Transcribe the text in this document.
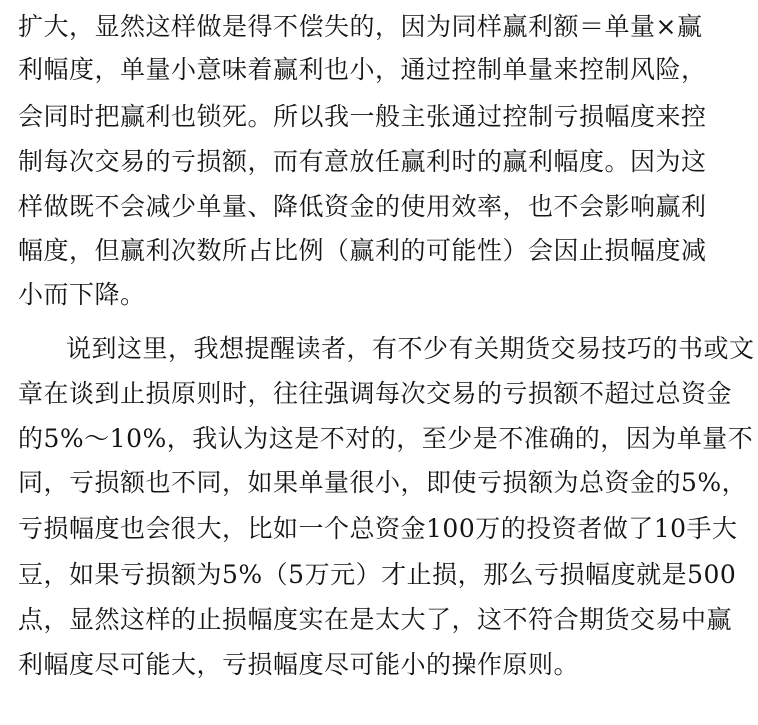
扩大，显然这样做是得不偿失的，因为同样赢利额＝单量×赢
利幅度，单量小意味着赢利也小，通过控制单量来控制风险，
会同时把赢利也锁死。所以我一般主张通过控制亏损幅度来控
制每次交易的亏损额，而有意放任赢利时的赢利幅度。因为这
样做既不会减少单量、降低资金的使用效率，也不会影响赢利
幅度，但赢利次数所占比例（赢利的可能性）会因止损幅度减
小而下降。
说到这里，我想提醒读者，有不少有关期货交易技巧的书或文
章在谈到止损原则时，往往强调每次交易的亏损额不超过总资金
的5%～10%，我认为这是不对的，至少是不准确的，因为单量不
同，亏损额也不同，如果单量很小，即使亏损额为总资金的5%，
亏损幅度也会很大，比如一个总资金100万的投资者做了10手大
豆，如果亏损额为5%（5万元）才止损，那么亏损幅度就是500
点，显然这样的止损幅度实在是太大了，这不符合期货交易中赢
利幅度尽可能大，亏损幅度尽可能小的操作原则。
